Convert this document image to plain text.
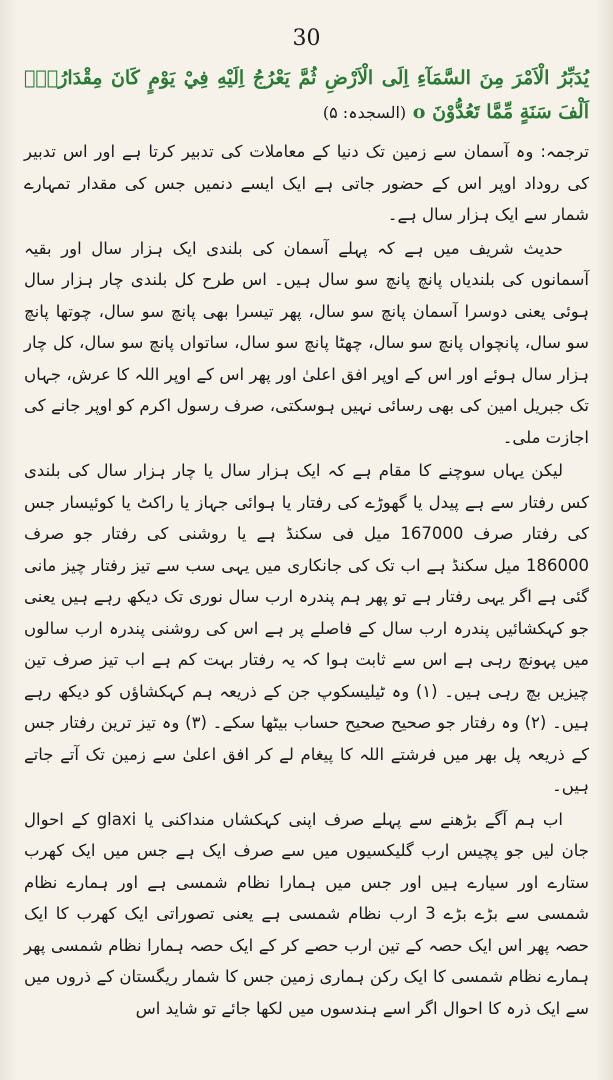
30
يُدَبِّرُ الْاَمْرَ مِنَ السَّمَآءِ اِلَى الْاَرْضِ ثُمَّ يَعْرُجُ اِلَيْهِ فِيْ يَوْمٍ كَانَ مِقْدَارُهٗۤ اَلْفَ سَنَةٍ مِّمَّا تَعُدُّوْنَ o (السجدہ: ۵)
ترجمہ: وہ آسمان سے زمین تک دنیا کے معاملات کی تدبیر کرتا ہے اور اس تدبیر کی روداد اوپر اس کے حضور جاتی ہے ایک ایسے دنمیں جس کی مقدار تمہارے شمار سے ایک ہزار سال ہے۔
حدیث شریف میں ہے کہ پہلے آسمان کی بلندی ایک ہزار سال اور بقیہ آسمانوں کی بلندیاں پانچ پانچ سو سال ہیں۔ اس طرح کل بلندی چار ہزار سال ہوئی یعنی دوسرا آسمان پانچ سو سال، پھر تیسرا بھی پانچ سو سال، چوتھا پانچ سو سال، پانچواں پانچ سو سال، چھٹا پانچ سو سال، ساتواں پانچ سو سال، کل چار ہزار سال ہوئے اور اس کے اوپر افق اعلیٰ اور پھر اس کے اوپر اللہ کا عرش، جہاں تک جبریل امین کی بھی رسائی نہیں ہوسکتی، صرف رسول اکرم کو اوپر جانے کی اجازت ملی۔
لیکن یہاں سوچنے کا مقام ہے کہ ایک ہزار سال یا چار ہزار سال کی بلندی کس رفتار سے ہے پیدل یا گھوڑے کی رفتار یا ہوائی جہاز یا راکٹ یا کوئیسار جس کی رفتار صرف 167000 میل فی سکنڈ ہے یا روشنی کی رفتار جو صرف 186000 میل سکنڈ ہے اب تک کی جانکاری میں یہی سب سے تیز رفتار چیز مانی گئی ہے اگر یہی رفتار ہے تو پھر ہم پندرہ ارب سال نوری تک دیکھ رہے ہیں یعنی جو کہکشائیں پندرہ ارب سال کے فاصلے پر ہے اس کی روشنی پندرہ ارب سالوں میں پہونچ رہی ہے اس سے ثابت ہوا کہ یہ رفتار بہت کم ہے اب تیز صرف تین چیزیں بچ رہی ہیں۔ (۱) وہ ٹیلیسکوپ جن کے ذریعہ ہم کہکشاؤں کو دیکھ رہے ہیں۔ (۲) وہ رفتار جو صحیح صحیح حساب بیٹھا سکے۔ (۳) وہ تیز ترین رفتار جس کے ذریعہ پل بھر میں فرشتے اللہ کا پیغام لے کر افق اعلیٰ سے زمین تک آتے جاتے ہیں۔
اب ہم آگے بڑھنے سے پہلے صرف اپنی کہکشاں منداکنی یا glaxi کے احوال جان لیں جو پچیس ارب گلیکسیوں میں سے صرف ایک ہے جس میں ایک کھرب ستارے اور سیارے ہیں اور جس میں ہمارا نظام شمسی ہے اور ہمارے نظام شمسی سے بڑے بڑے 3 ارب نظام شمسی ہے یعنی تصوراتی ایک کھرب کا ایک حصہ پھر اس ایک حصہ کے تین ارب حصے کر کے ایک حصہ ہمارا نظام شمسی پھر ہمارے نظام شمسی کا ایک رکن ہماری زمین جس کا شمار ریگستان کے ذروں میں سے ایک ذرہ کا احوال اگر اسے ہندسوں میں لکھا جائے تو شاید اس
